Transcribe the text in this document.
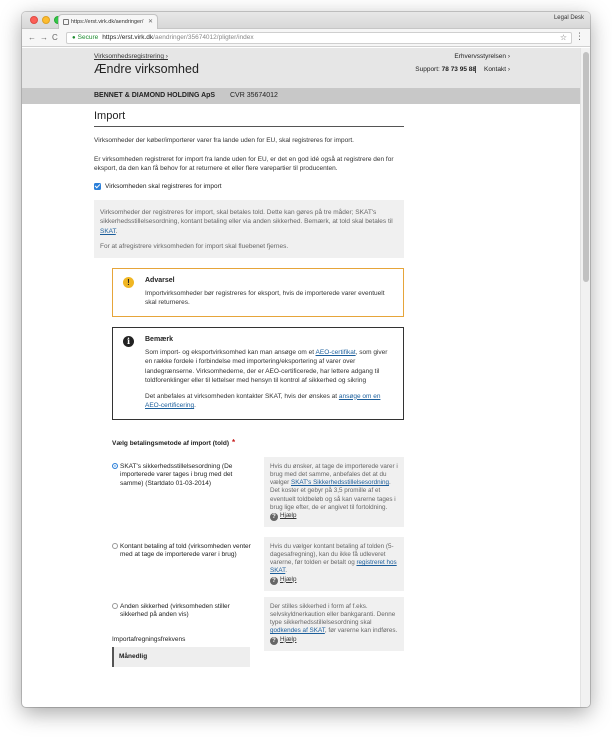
https://erst.virk.dk/aendringer/ ✕
Legal Desk
← → C	● Secure https://erst.virk.dk/aendringer/35674012/pligter/index	☆ ⋮
Virksomhedsregistrering ›
Ændre virksomhed
Erhvervsstyrelsen ›
Support: 78 73 95 88	Kontakt ›
BENNET & DIAMOND HOLDING ApS CVR 35674012
Import
Virksomheder der køber/importerer varer fra lande uden for EU, skal registreres for import.
Er virksomheden registreret for import fra lande uden for EU, er det en god idé også at registrere den for eksport, da den kan få behov for at returnere et eller flere varepartier til producenten.
Virksomheden skal registreres for import
Virksomheder der registreres for import, skal betales told. Dette kan gøres på tre måder; SKAT's sikkerhedsstillelsesordning, kontant betaling eller via anden sikkerhed. Bemærk, at told skal betales til SKAT.
For at afregistrere virksomheden for import skal fluebenet fjernes.
!	Advarsel
Importvirksomheder bør registreres for eksport, hvis de importerede varer eventuelt skal returneres.
i	Bemærk
Som import- og eksportvirksomhed kan man ansøge om et AEO-certifikat, som giver en række fordele i forbindelse med importering/eksportering af varer over landegrænserne. Virksomhederne, der er AEO-certificerede, har lettere adgang til toldforenklinger eller til lettelser med hensyn til kontrol af sikkerhed og sikring
Det anbefales at virksomheden kontakter SKAT, hvis der ønskes at ansøge om en AEO-certificering.
Vælg betalingsmetode af import (told) *
SKAT's sikkerhedsstillelsesordning (De importerede varer tages i brug med det samme) (Startdato 01-03-2014)
Hvis du ønsker, at tage de importerede varer i brug med det samme, anbefales det at du vælger SKAT's Sikkerhedsstillelsesordning. Det koster et gebyr på 3,5 promille af et eventuelt toldbeløb og så kan varerne tages i brug lige efter, de er angivet til fortoldning. ? Hjælp
Kontant betaling af told (virksomheden venter med at tage de importerede varer i brug)
Hvis du vælger kontant betaling af tolden (5-dagesafregning), kan du ikke få udleveret varerne, før tolden er betalt og registreret hos SKAT.
? Hjælp
Anden sikkerhed (virksomheden stiller sikkerhed på anden vis)
Der stilles sikkerhed i form af f.eks. selvskyldnerkaution eller bankgaranti. Denne type sikkerhedsstillelsesordning skal godkendes af SKAT, før varerne kan indføres. ? Hjælp
Importafregningsfrekvens
Månedlig
